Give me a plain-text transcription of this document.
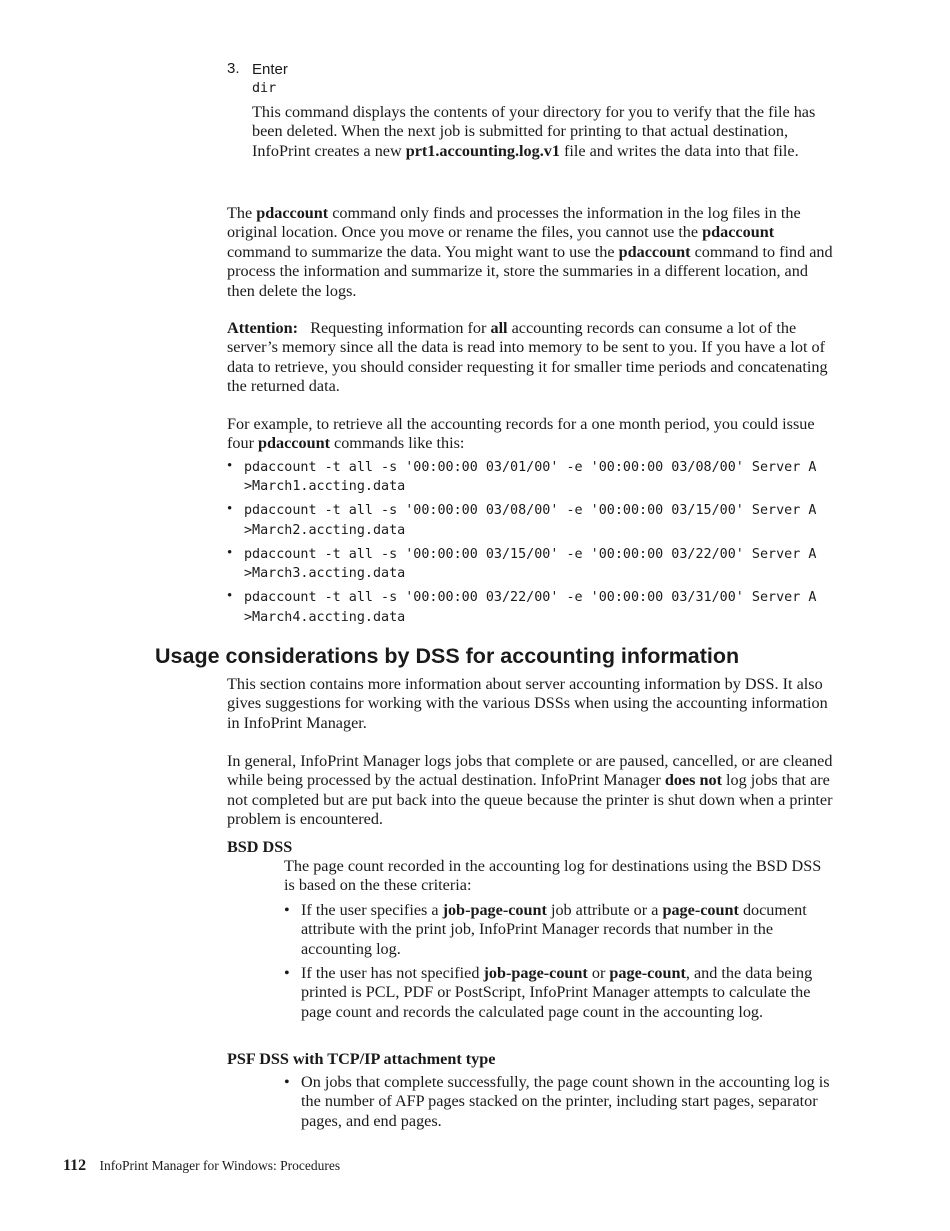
3. Enter
dir

This command displays the contents of your directory for you to verify that the file has been deleted. When the next job is submitted for printing to that actual destination, InfoPrint creates a new prt1.accounting.log.v1 file and writes the data into that file.

The pdaccount command only finds and processes the information in the log files in the original location. Once you move or rename the files, you cannot use the pdaccount command to summarize the data. You might want to use the pdaccount command to find and process the information and summarize it, store the summaries in a different location, and then delete the logs.

Attention:   Requesting information for all accounting records can consume a lot of the server’s memory since all the data is read into memory to be sent to you. If you have a lot of data to retrieve, you should consider requesting it for smaller time periods and concatenating the returned data.

For example, to retrieve all the accounting records for a one month period, you could issue four pdaccount commands like this:

• pdaccount -t all -s '00:00:00 03/01/00' -e '00:00:00 03/08/00' Server A
>March1.accting.data
• pdaccount -t all -s '00:00:00 03/08/00' -e '00:00:00 03/15/00' Server A
>March2.accting.data
• pdaccount -t all -s '00:00:00 03/15/00' -e '00:00:00 03/22/00' Server A
>March3.accting.data
• pdaccount -t all -s '00:00:00 03/22/00' -e '00:00:00 03/31/00' Server A
>March4.accting.data
Usage considerations by DSS for accounting information

This section contains more information about server accounting information by DSS. It also gives suggestions for working with the various DSSs when using the accounting information in InfoPrint Manager.

In general, InfoPrint Manager logs jobs that complete or are paused, cancelled, or are cleaned while being processed by the actual destination. InfoPrint Manager does not log jobs that are not completed but are put back into the queue because the printer is shut down when a printer problem is encountered.

BSD DSS

The page count recorded in the accounting log for destinations using the BSD DSS is based on the these criteria:

• If the user specifies a job-page-count job attribute or a page-count document attribute with the print job, InfoPrint Manager records that number in the accounting log.
• If the user has not specified job-page-count or page-count, and the data being printed is PCL, PDF or PostScript, InfoPrint Manager attempts to calculate the page count and records the calculated page count in the accounting log.

PSF DSS with TCP/IP attachment type

• On jobs that complete successfully, the page count shown in the accounting log is the number of AFP pages stacked on the printer, including start pages, separator pages, and end pages.
112 InfoPrint Manager for Windows: Procedures
